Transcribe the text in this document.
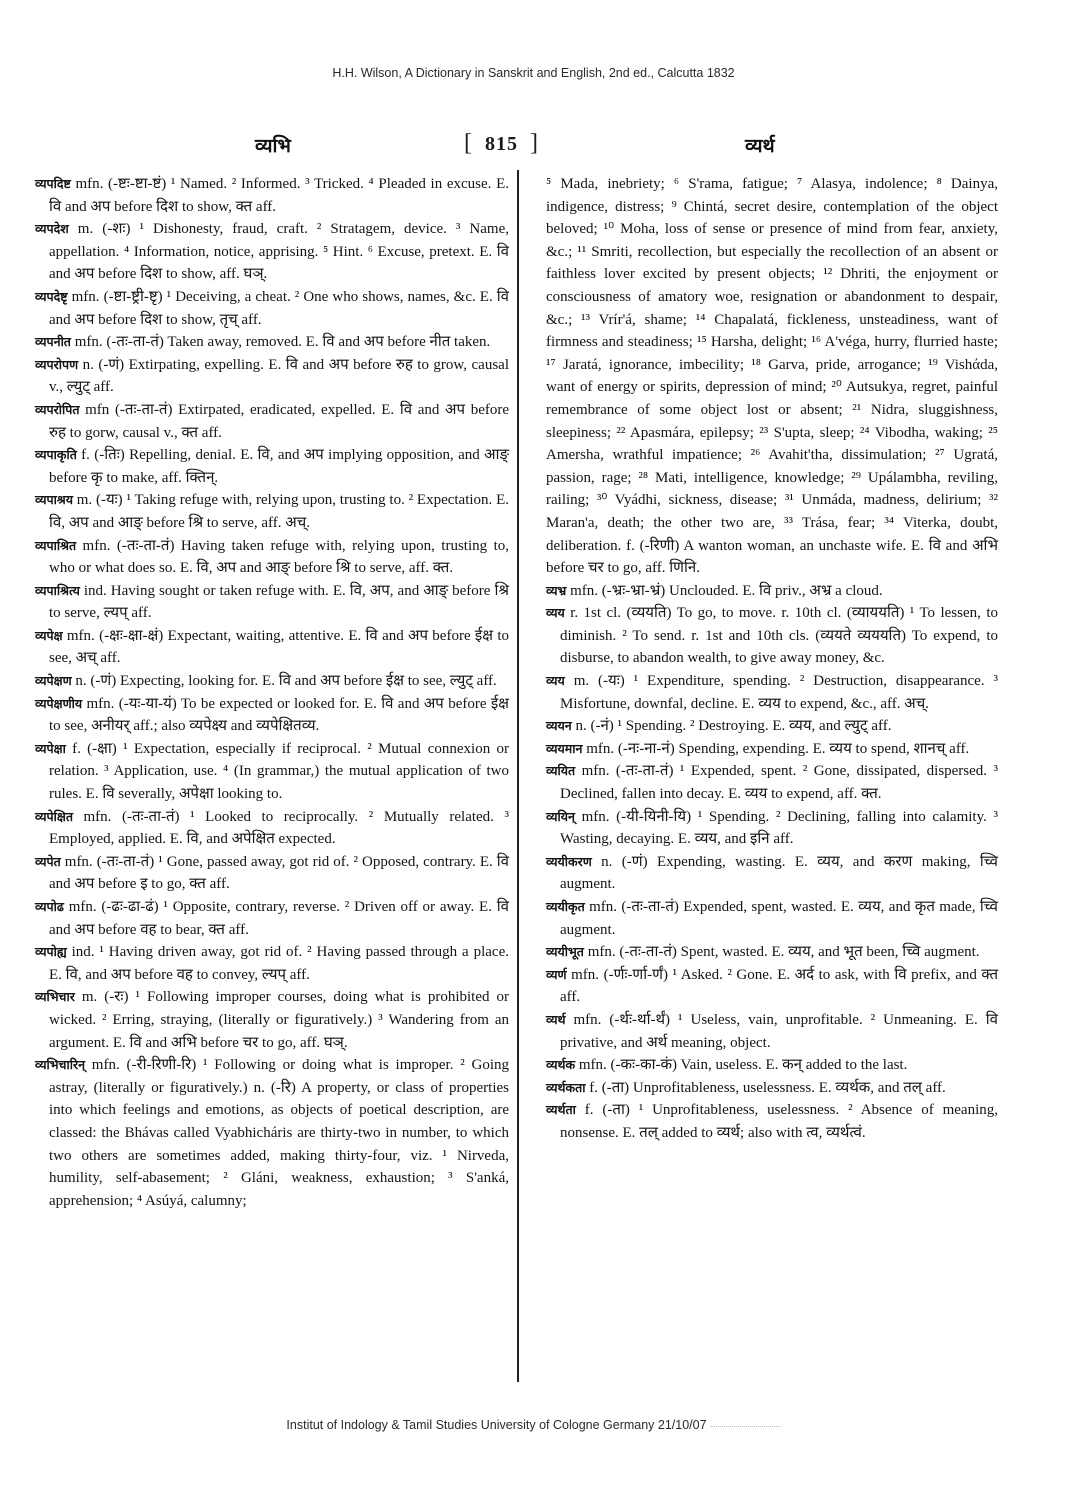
H.H. Wilson, A Dictionary in Sanskrit and English, 2nd ed., Calcutta 1832
व्यभि	[ 815 ]	व्यर्थ

व्यपदिष्ट mfn. (-ष्टः-ष्टा-ष्टं) ¹ Named. ² Informed. ³ Tricked. ⁴ Pleaded in excuse. E. वि and अप before दिश to show, क्त aff.

व्यपदेश m. (-शः) ¹ Dishonesty, fraud, craft. ² Stratagem, device. ³ Name, appellation. ⁴ Information, notice, apprising. ⁵ Hint. ⁶ Excuse, pretext. E. वि and अप before दिश to show, aff. घञ्.

व्यपदेष्टृ mfn. (-ष्टा-ष्ट्री-ष्टृ) ¹ Deceiving, a cheat. ² One who shows, names, &c. E. वि and अप before दिश to show, तृच् aff.

व्यपनीत mfn. (-तः-ता-तं) Taken away, removed. E. वि and अप before नीत taken.

व्यपरोपण n. (-णं) Extirpating, expelling. E. वि and अप before रुह to grow, causal v., ल्युट् aff.

व्यपरोपित mfn (-तः-ता-तं) Extirpated, eradicated, expelled. E. वि and अप before रुह to gorw, causal v., क्त aff.

व्यपाकृति f. (-तिः) Repelling, denial. E. वि, and अप implying opposition, and आङ् before कृ to make, aff. क्तिन्.

व्यपाश्रय m. (-यः) ¹ Taking refuge with, relying upon, trusting to. ² Expectation. E. वि, अप and आङ् before श्रि to serve, aff. अच्.

व्यपाश्रित mfn. (-तः-ता-तं) Having taken refuge with, relying upon, trusting to, who or what does so. E. वि, अप and आङ् before श्रि to serve, aff. क्त.

व्यपाश्रित्य ind. Having sought or taken refuge with. E. वि, अप, and आङ् before श्रि to serve, ल्यप् aff.

व्यपेक्ष mfn. (-क्षः-क्षा-क्षं) Expectant, waiting, attentive. E. वि and अप before ईक्ष to see, अच् aff.

व्यपेक्षण n. (-णं) Expecting, looking for. E. वि and अप before ईक्ष to see, ल्युट् aff.

व्यपेक्षणीय mfn. (-यः-या-यं) To be expected or looked for. E. वि and अप before ईक्ष to see, अनीयर् aff.; also व्यपेक्ष्य and व्यपेक्षितव्य.

व्यपेक्षा f. (-क्षा) ¹ Expectation, especially if reciprocal. ² Mutual connexion or relation. ³ Application, use. ⁴ (In grammar,) the mutual application of two rules. E. वि severally, अपेक्षा looking to.

व्यपेक्षित mfn. (-तः-ता-तं) ¹ Looked to reciprocally. ² Mutually related. ³ Employed, applied. E. वि, and अपेक्षित expected.

व्यपेत mfn. (-तः-ता-तं) ¹ Gone, passed away, got rid of. ² Opposed, contrary. E. वि and अप before इ to go, क्त aff.

व्यपोढ mfn. (-ढः-ढा-ढं) ¹ Opposite, contrary, reverse. ² Driven off or away. E. वि and अप before वह to bear, क्त aff.

व्यपोह्य ind. ¹ Having driven away, got rid of. ² Having passed through a place. E. वि, and अप before वह to convey, ल्यप् aff.

व्यभिचार m. (-रः) ¹ Following improper courses, doing what is prohibited or wicked. ² Erring, straying, (literally or figuratively.) ³ Wandering from an argument. E. वि and अभि before चर to go, aff. घञ्.

व्यभिचारिन् mfn. (-री-रिणी-रि) ¹ Following or doing what is improper. ² Going astray, (literally or figuratively.) n. (-रि) A property, or class of properties into which feelings and emotions, as objects of poetical description, are classed: the Bhávas called Vyabhicháris are thirty-two in number, to which two others are sometimes added, making thirty-four, viz. ¹ Nirveda, humility, self-abasement; ² Gláni, weakness, exhaustion; ³ S'anká, apprehension; ⁴ Asúyá, calumny;

⁵ Mada, inebriety; ⁶ S'rama, fatigue; ⁷ Alasya, indolence; ⁸ Dainya, indigence, distress; ⁹ Chintá, secret desire, contemplation of the object beloved; ¹⁰ Moha, loss of sense or presence of mind from fear, anxiety, &c.; ¹¹ Smriti, recollection, but especially the recollection of an absent or faithless lover excited by present objects; ¹² Dhriti, the enjoyment or consciousness of amatory woe, resignation or abandonment to despair, &c.; ¹³ Vrír'á, shame; ¹⁴ Chapalatá, fickleness, unsteadiness, want of firmness and steadiness; ¹⁵ Harsha, delight; ¹⁶ A'végа, hurry, flurried haste; ¹⁷ Jaratá, ignorance, imbecility; ¹⁸ Garva, pride, arrogance; ¹⁹ Vishάda, want of energy or spirits, depression of mind; ²⁰ Autsukya, regret, painful remembrance of some object lost or absent; ²¹ Nidra, sluggishness, sleepiness; ²² Apasmára, epilepsy; ²³ S'upta, sleep; ²⁴ Vibodha, waking; ²⁵ Amersha, wrathful impatience; ²⁶ Avahit'tha, dissimulation; ²⁷ Ugratá, passion, rage; ²⁸ Mati, intelligence, knowledge; ²⁹ Upálambha, reviling, railing; ³⁰ Vyádhi, sickness, disease; ³¹ Unmáda, madness, delirium; ³² Maran'a, death; the other two are, ³³ Trása, fear; ³⁴ Viterka, doubt, deliberation. f. (-रिणी) A wanton woman, an unchaste wife. E. वि and अभि before चर to go, aff. णिनि.

व्यभ्र mfn. (-भ्रः-भ्रा-भ्रं) Unclouded. E. वि priv., अभ्र a cloud.

व्यय r. 1st cl. (व्ययति) To go, to move. r. 10th cl. (व्याययति) ¹ To lessen, to diminish. ² To send. r. 1st and 10th cls. (व्ययते व्यययति) To expend, to disburse, to abandon wealth, to give away money, &c.

व्यय m. (-यः) ¹ Expenditure, spending. ² Destruction, disappearance. ³ Misfortune, downfal, decline. E. व्यय to expend, &c., aff. अच्.

व्ययन n. (-नं) ¹ Spending. ² Destroying. E. व्यय, and ल्युट् aff.

व्ययमान mfn. (-नः-ना-नं) Spending, expending. E. व्यय to spend, शानच् aff.

व्ययित mfn. (-तः-ता-तं) ¹ Expended, spent. ² Gone, dissipated, dispersed. ³ Declined, fallen into decay. E. व्यय to expend, aff. क्त.

व्ययिन् mfn. (-यी-यिनी-यि) ¹ Spending. ² Declining, falling into calamity. ³ Wasting, decaying. E. व्यय, and इनि aff.

व्ययीकरण n. (-णं) Expending, wasting. E. व्यय, and करण making, च्वि augment.

व्ययीकृत mfn. (-तः-ता-तं) Expended, spent, wasted. E. व्यय, and कृत made, च्वि augment.

व्ययीभूत mfn. (-तः-ता-तं) Spent, wasted. E. व्यय, and भूत been, च्वि augment.

व्यर्ण mfn. (-र्णः-र्णा-र्णं) ¹ Asked. ² Gone. E. अर्द to ask, with वि prefix, and क्त aff.

व्यर्थ mfn. (-र्थः-र्था-र्थं) ¹ Useless, vain, unprofitable. ² Unmeaning. E. वि privative, and अर्थ meaning, object.

व्यर्थक mfn. (-कः-का-कं) Vain, useless. E. कन् added to the last.

व्यर्थकता f. (-ता) Unprofitableness, uselessness. E. व्यर्थक, and तल् aff.

व्यर्थता f. (-ता) ¹ Unprofitableness, uselessness. ² Absence of meaning, nonsense. E. तल् added to व्यर्थ; also with त्व, व्यर्थत्वं.

Institut of Indology & Tamil Studies University of Cologne Germany 21/10/07
